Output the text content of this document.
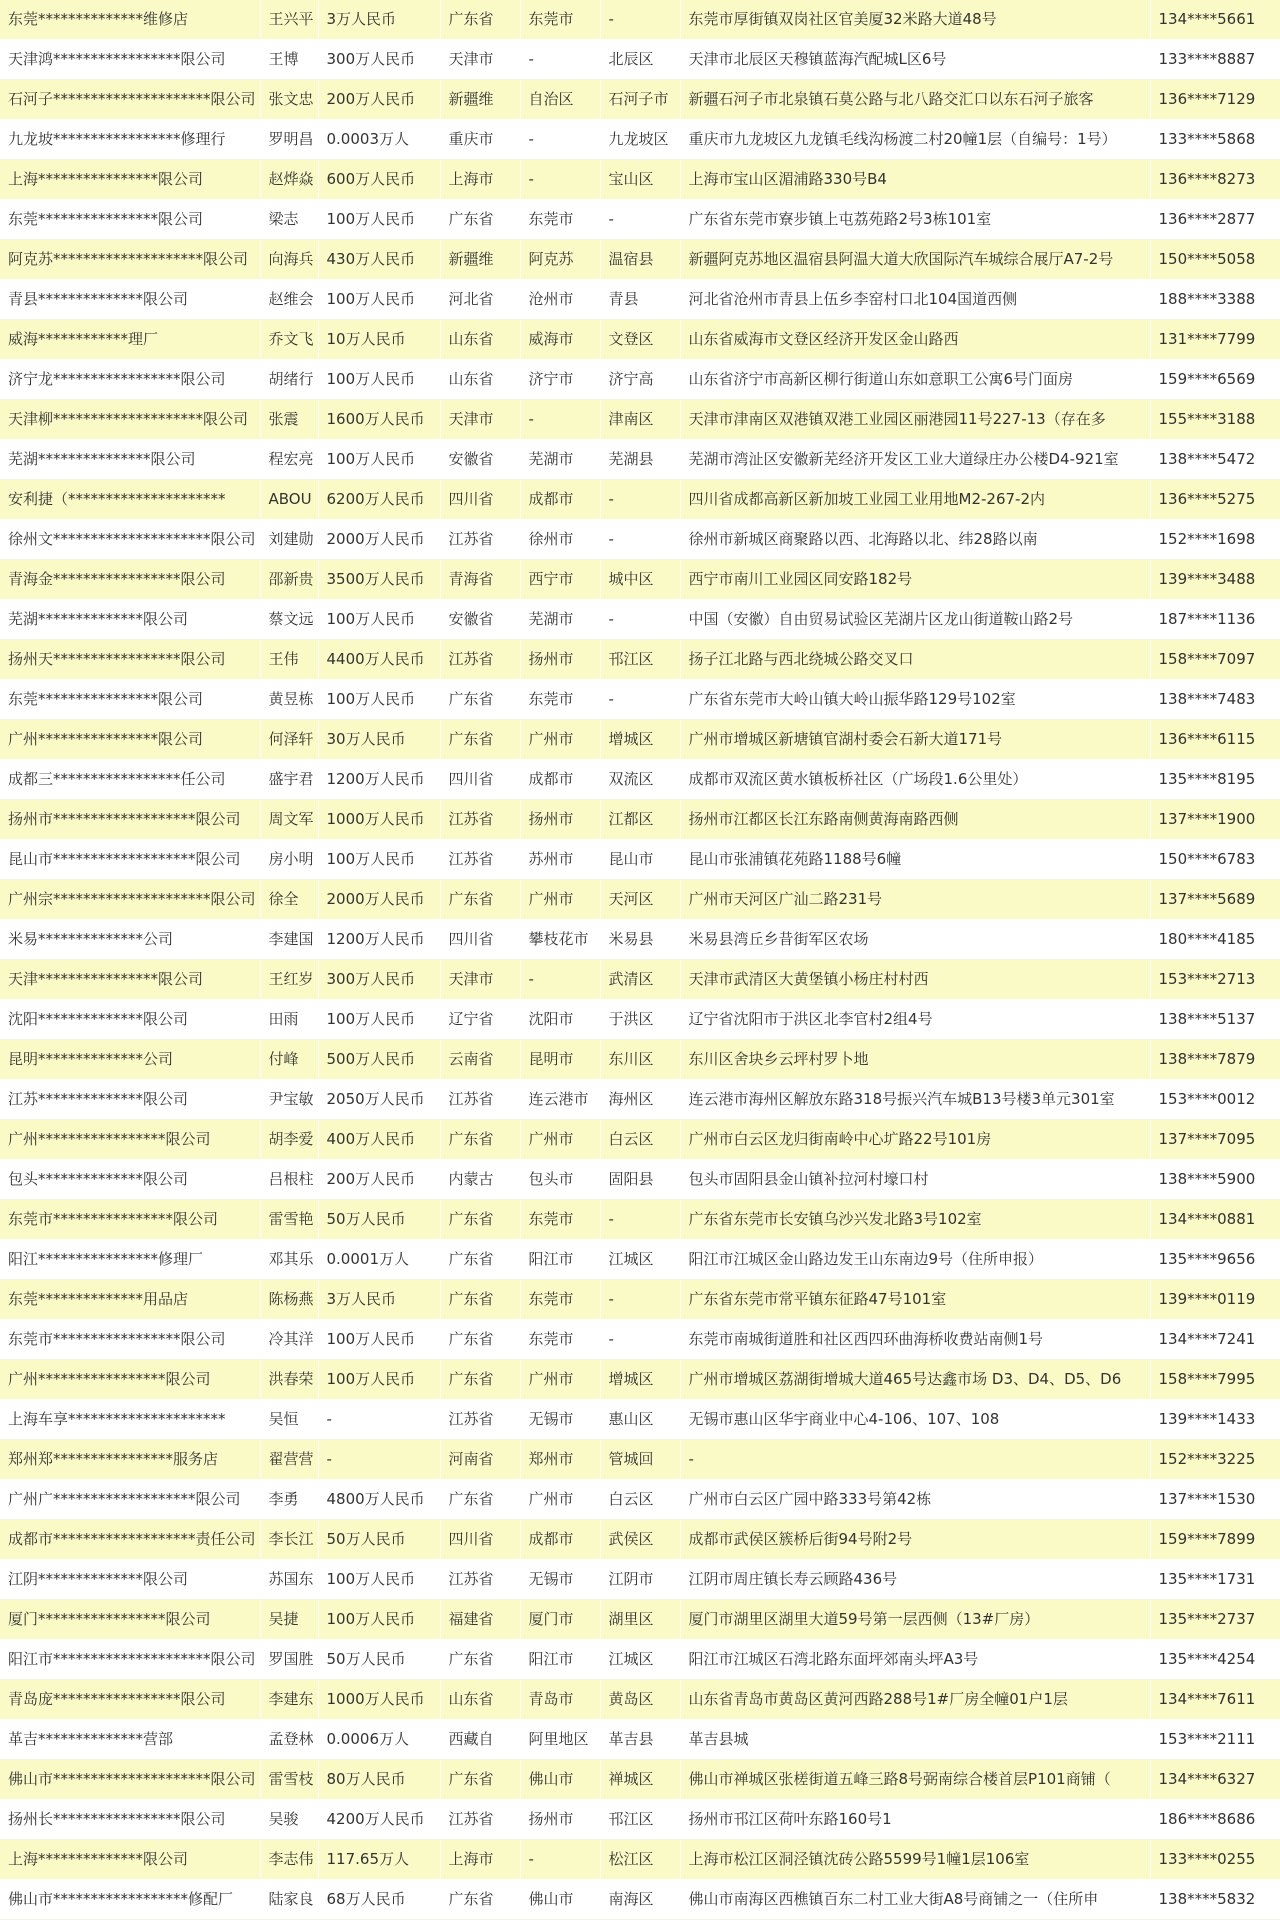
东莞**************维修店	王兴平	3万人民币	广东省	东莞市	-	东莞市厚街镇双岗社区官美厦32米路大道48号	134****5661
天津鸿*****************限公司	王博	300万人民币	天津市	-	北辰区	天津市北辰区天穆镇蓝海汽配城L区6号	133****8887
石河子*********************限公司	张文忠	200万人民币	新疆维	自治区	石河子市	新疆石河子市北泉镇石莫公路与北八路交汇口以东石河子旅客	136****7129
九龙坡*****************修理行	罗明昌	0.0003万人	重庆市	-	九龙坡区	重庆市九龙坡区九龙镇毛线沟杨渡二村20幢1层（自编号：1号）	133****5868
上海****************限公司	赵烨焱	600万人民币	上海市	-	宝山区	上海市宝山区湄浦路330号B4	136****8273
东莞****************限公司	梁志	100万人民币	广东省	东莞市	-	广东省东莞市寮步镇上屯荔苑路2号3栋101室	136****2877
阿克苏********************限公司	向海兵	430万人民币	新疆维	阿克苏	温宿县	新疆阿克苏地区温宿县阿温大道大欣国际汽车城综合展厅A7-2号	150****5058
青县**************限公司	赵维会	100万人民币	河北省	沧州市	青县	河北省沧州市青县上伍乡李窑村口北104国道西侧	188****3388
威海************理厂	乔文飞	10万人民币	山东省	威海市	文登区	山东省威海市文登区经济开发区金山路西	131****7799
济宁龙*****************限公司	胡绪行	100万人民币	山东省	济宁市	济宁高	山东省济宁市高新区柳行街道山东如意职工公寓6号门面房	159****6569
天津柳********************限公司	张震	1600万人民币	天津市	-	津南区	天津市津南区双港镇双港工业园区丽港园11号227-13（存在多	155****3188
芜湖***************限公司	程宏亮	100万人民币	安徽省	芜湖市	芜湖县	芜湖市湾沚区安徽新芜经济开发区工业大道绿庄办公楼D4-921室	138****5472
安利捷（*********************	ABOU	6200万人民币	四川省	成都市	-	四川省成都高新区新加坡工业园工业用地M2-267-2内	136****5275
徐州文*********************限公司	刘建勋	2000万人民币	江苏省	徐州市	-	徐州市新城区商聚路以西、北海路以北、纬28路以南	152****1698
青海金*****************限公司	邵新贵	3500万人民币	青海省	西宁市	城中区	西宁市南川工业园区同安路182号	139****3488
芜湖**************限公司	蔡文远	100万人民币	安徽省	芜湖市	-	中国（安徽）自由贸易试验区芜湖片区龙山街道鞍山路2号	187****1136
扬州天*****************限公司	王伟	4400万人民币	江苏省	扬州市	邗江区	扬子江北路与西北绕城公路交叉口	158****7097
东莞****************限公司	黄昱栋	100万人民币	广东省	东莞市	-	广东省东莞市大岭山镇大岭山振华路129号102室	138****7483
广州****************限公司	何泽轩	30万人民币	广东省	广州市	增城区	广州市增城区新塘镇官湖村委会石新大道171号	136****6115
成都三*****************任公司	盛宇君	1200万人民币	四川省	成都市	双流区	成都市双流区黄水镇板桥社区（广场段1.6公里处）	135****8195
扬州市*******************限公司	周文军	1000万人民币	江苏省	扬州市	江都区	扬州市江都区长江东路南侧黄海南路西侧	137****1900
昆山市*******************限公司	房小明	100万人民币	江苏省	苏州市	昆山市	昆山市张浦镇花苑路1188号6幢	150****6783
广州宗*********************限公司	徐全	2000万人民币	广东省	广州市	天河区	广州市天河区广汕二路231号	137****5689
米易**************公司	李建国	1200万人民币	四川省	攀枝花市	米易县	米易县湾丘乡昔街军区农场	180****4185
天津****************限公司	王红岁	300万人民币	天津市	-	武清区	天津市武清区大黄堡镇小杨庄村村西	153****2713
沈阳**************限公司	田雨	100万人民币	辽宁省	沈阳市	于洪区	辽宁省沈阳市于洪区北李官村2组4号	138****5137
昆明**************公司	付峰	500万人民币	云南省	昆明市	东川区	东川区舍块乡云坪村罗卜地	138****7879
江苏**************限公司	尹宝敏	2050万人民币	江苏省	连云港市	海州区	连云港市海州区解放东路318号振兴汽车城B13号楼3单元301室	153****0012
广州*****************限公司	胡李爱	400万人民币	广东省	广州市	白云区	广州市白云区龙归街南岭中心圹路22号101房	137****7095
包头**************限公司	吕根柱	200万人民币	内蒙古	包头市	固阳县	包头市固阳县金山镇补拉河村壕口村	138****5900
东莞市****************限公司	雷雪艳	50万人民币	广东省	东莞市	-	广东省东莞市长安镇乌沙兴发北路3号102室	134****0881
阳江****************修理厂	邓其乐	0.0001万人	广东省	阳江市	江城区	阳江市江城区金山路边发王山东南边9号（住所申报）	135****9656
东莞**************用品店	陈杨燕	3万人民币	广东省	东莞市	-	广东省东莞市常平镇东征路47号101室	139****0119
东莞市*****************限公司	冷其洋	100万人民币	广东省	东莞市	-	东莞市南城街道胜和社区西四环曲海桥收费站南侧1号	134****7241
广州*****************限公司	洪春荣	100万人民币	广东省	广州市	增城区	广州市增城区荔湖街增城大道465号达鑫市场 D3、D4、D5、D6	158****7995
上海车享*********************	吴恒	-	江苏省	无锡市	惠山区	无锡市惠山区华宇商业中心4-106、107、108	139****1433
郑州郑****************服务店	翟营营	-	河南省	郑州市	管城回	-	152****3225
广州广*******************限公司	李勇	4800万人民币	广东省	广州市	白云区	广州市白云区广园中路333号第42栋	137****1530
成都市*******************责任公司	李长江	50万人民币	四川省	成都市	武侯区	成都市武侯区簇桥后街94号附2号	159****7899
江阴**************限公司	苏国东	100万人民币	江苏省	无锡市	江阴市	江阴市周庄镇长寿云顾路436号	135****1731
厦门*****************限公司	吴捷	100万人民币	福建省	厦门市	湖里区	厦门市湖里区湖里大道59号第一层西侧（13#厂房）	135****2737
阳江市*********************限公司	罗国胜	50万人民币	广东省	阳江市	江城区	阳江市江城区石湾北路东面坪郊南头坪A3号	135****4254
青岛庞*****************限公司	李建东	1000万人民币	山东省	青岛市	黄岛区	山东省青岛市黄岛区黄河西路288号1#厂房全幢01户1层	134****7611
革吉**************营部	孟登林	0.0006万人	西藏自	阿里地区	革吉县	革吉县城	153****2111
佛山市*********************限公司	雷雪枝	80万人民币	广东省	佛山市	禅城区	佛山市禅城区张槎街道五峰三路8号弼南综合楼首层P101商铺（	134****6327
扬州长*****************限公司	吴骏	4200万人民币	江苏省	扬州市	邗江区	扬州市邗江区荷叶东路160号1	186****8686
上海**************限公司	李志伟	117.65万人	上海市	-	松江区	上海市松江区洞泾镇沈砖公路5599号1幢1层106室	133****0255
佛山市******************修配厂	陆家良	68万人民币	广东省	佛山市	南海区	佛山市南海区西樵镇百东二村工业大街A8号商铺之一（住所申	138****5832
